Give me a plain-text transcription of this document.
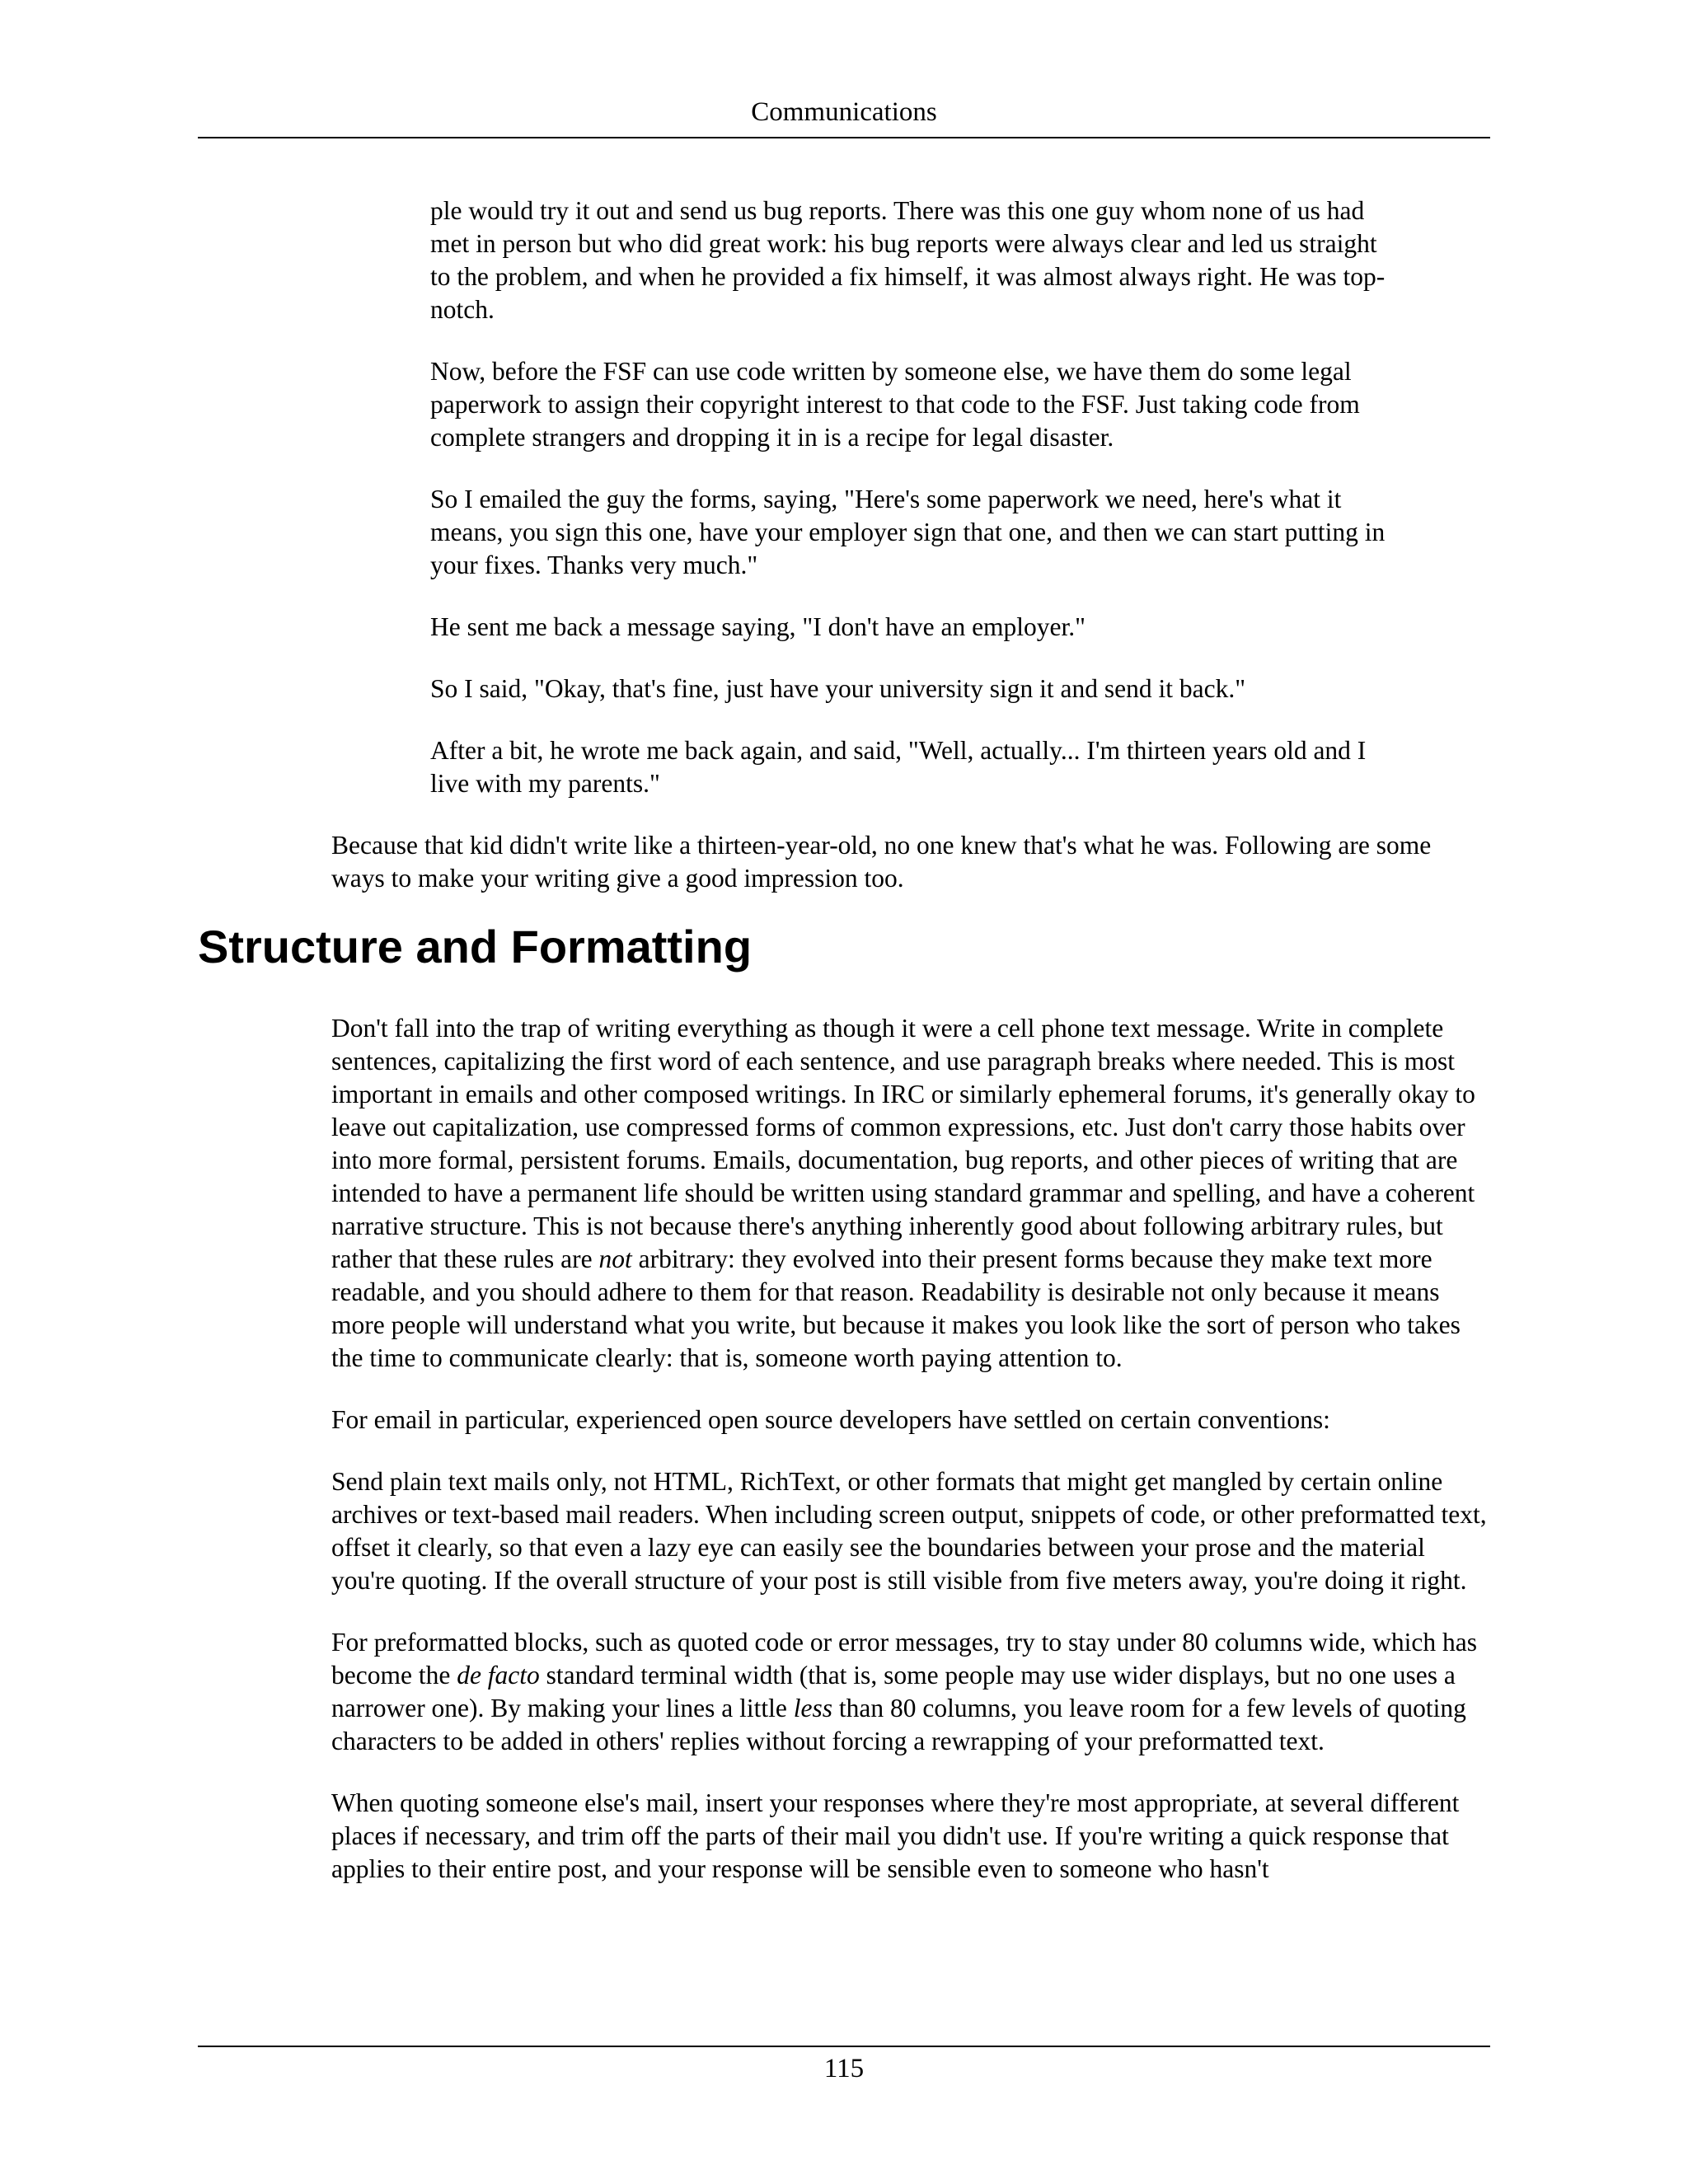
Communications

ple would try it out and send us bug reports. There was this one guy whom none of us had met in person but who did great work: his bug reports were always clear and led us straight to the problem, and when he provided a fix himself, it was almost always right. He was top-notch.

Now, before the FSF can use code written by someone else, we have them do some legal paperwork to assign their copyright interest to that code to the FSF. Just taking code from complete strangers and dropping it in is a recipe for legal disaster.

So I emailed the guy the forms, saying, "Here's some paperwork we need, here's what it means, you sign this one, have your employer sign that one, and then we can start putting in your fixes. Thanks very much."

He sent me back a message saying, "I don't have an employer."

So I said, "Okay, that's fine, just have your university sign it and send it back."

After a bit, he wrote me back again, and said, "Well, actually... I'm thirteen years old and I live with my parents."

Because that kid didn't write like a thirteen-year-old, no one knew that's what he was. Following are some ways to make your writing give a good impression too.

Structure and Formatting

Don't fall into the trap of writing everything as though it were a cell phone text message. Write in complete sentences, capitalizing the first word of each sentence, and use paragraph breaks where needed. This is most important in emails and other composed writings. In IRC or similarly ephemeral forums, it's generally okay to leave out capitalization, use compressed forms of common expressions, etc. Just don't carry those habits over into more formal, persistent forums. Emails, documentation, bug reports, and other pieces of writing that are intended to have a permanent life should be written using standard grammar and spelling, and have a coherent narrative structure. This is not because there's anything inherently good about following arbitrary rules, but rather that these rules are not arbitrary: they evolved into their present forms because they make text more readable, and you should adhere to them for that reason. Readability is desirable not only because it means more people will understand what you write, but because it makes you look like the sort of person who takes the time to communicate clearly: that is, someone worth paying attention to.

For email in particular, experienced open source developers have settled on certain conventions:

Send plain text mails only, not HTML, RichText, or other formats that might get mangled by certain online archives or text-based mail readers. When including screen output, snippets of code, or other preformatted text, offset it clearly, so that even a lazy eye can easily see the boundaries between your prose and the material you're quoting. If the overall structure of your post is still visible from five meters away, you're doing it right.

For preformatted blocks, such as quoted code or error messages, try to stay under 80 columns wide, which has become the de facto standard terminal width (that is, some people may use wider displays, but no one uses a narrower one). By making your lines a little less than 80 columns, you leave room for a few levels of quoting characters to be added in others' replies without forcing a rewrapping of your preformatted text.

When quoting someone else's mail, insert your responses where they're most appropriate, at several different places if necessary, and trim off the parts of their mail you didn't use. If you're writing a quick response that applies to their entire post, and your response will be sensible even to someone who hasn't

115
